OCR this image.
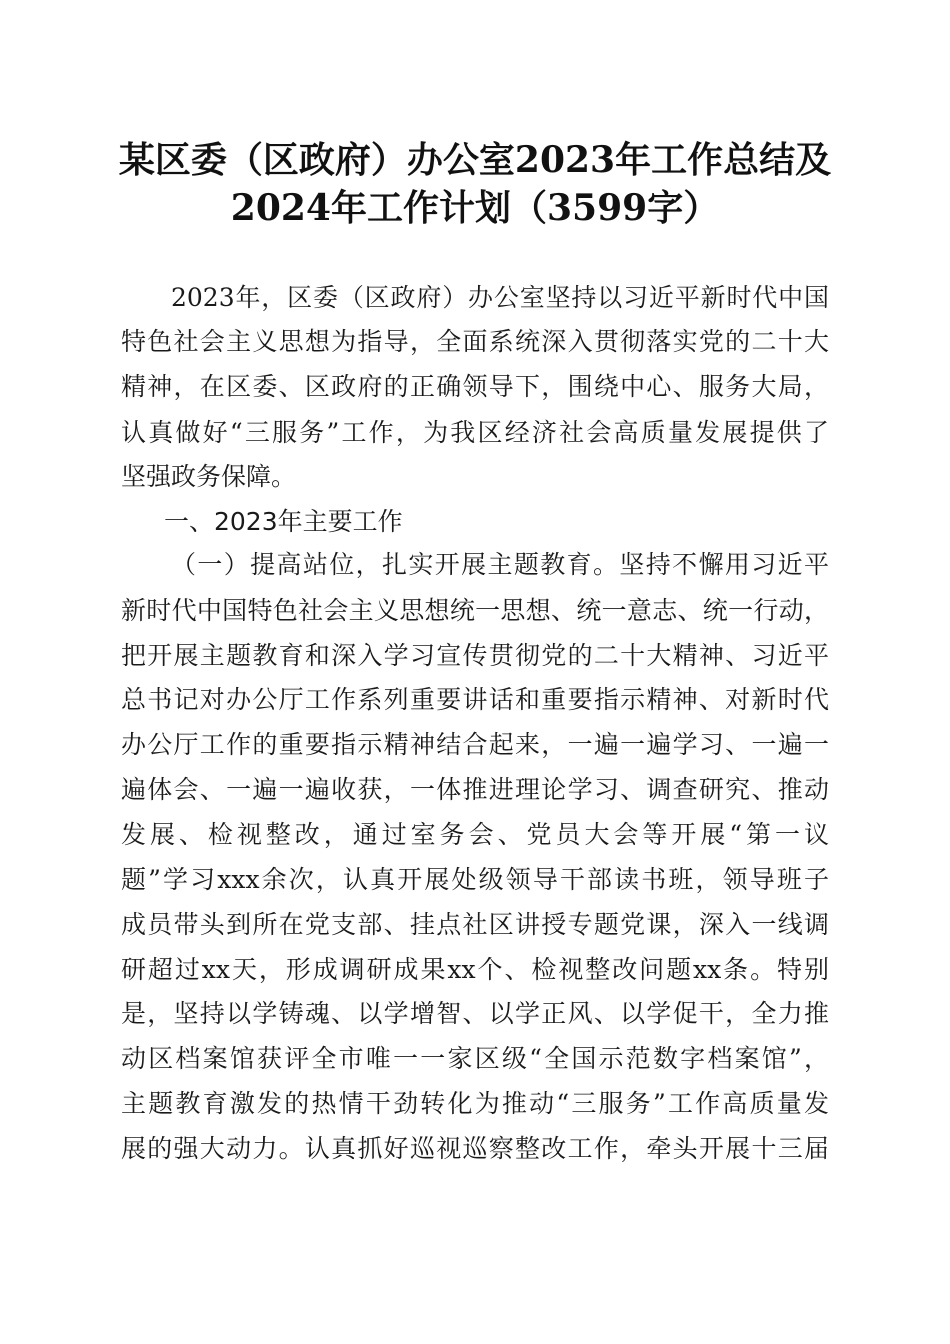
某区委（区政府）办公室2023年工作总结及
2024年工作计划（3599字）
2023年，区委（区政府）办公室坚持以习近平新时代中国
特色社会主义思想为指导，全面系统深入贯彻落实党的二十大
精神，在区委、区政府的正确领导下，围绕中心、服务大局，
认真做好“三服务”工作，为我区经济社会高质量发展提供了
坚强政务保障。
一、2023年主要工作
（一）提高站位，扎实开展主题教育。坚持不懈用习近平
新时代中国特色社会主义思想统一思想、统一意志、统一行动，
把开展主题教育和深入学习宣传贯彻党的二十大精神、习近平
总书记对办公厅工作系列重要讲话和重要指示精神、对新时代
办公厅工作的重要指示精神结合起来，一遍一遍学习、一遍一
遍体会、一遍一遍收获，一体推进理论学习、调查研究、推动
发展、检视整改，通过室务会、党员大会等开展“第一议
题”学习xxx余次，认真开展处级领导干部读书班，领导班子
成员带头到所在党支部、挂点社区讲授专题党课，深入一线调
研超过xx天，形成调研成果xx个、检视整改问题xx条。特别
是，坚持以学铸魂、以学增智、以学正风、以学促干，全力推
动区档案馆获评全市唯一一家区级“全国示范数字档案馆”，
主题教育激发的热情干劲转化为推动“三服务”工作高质量发
展的强大动力。认真抓好巡视巡察整改工作，牵头开展十三届
